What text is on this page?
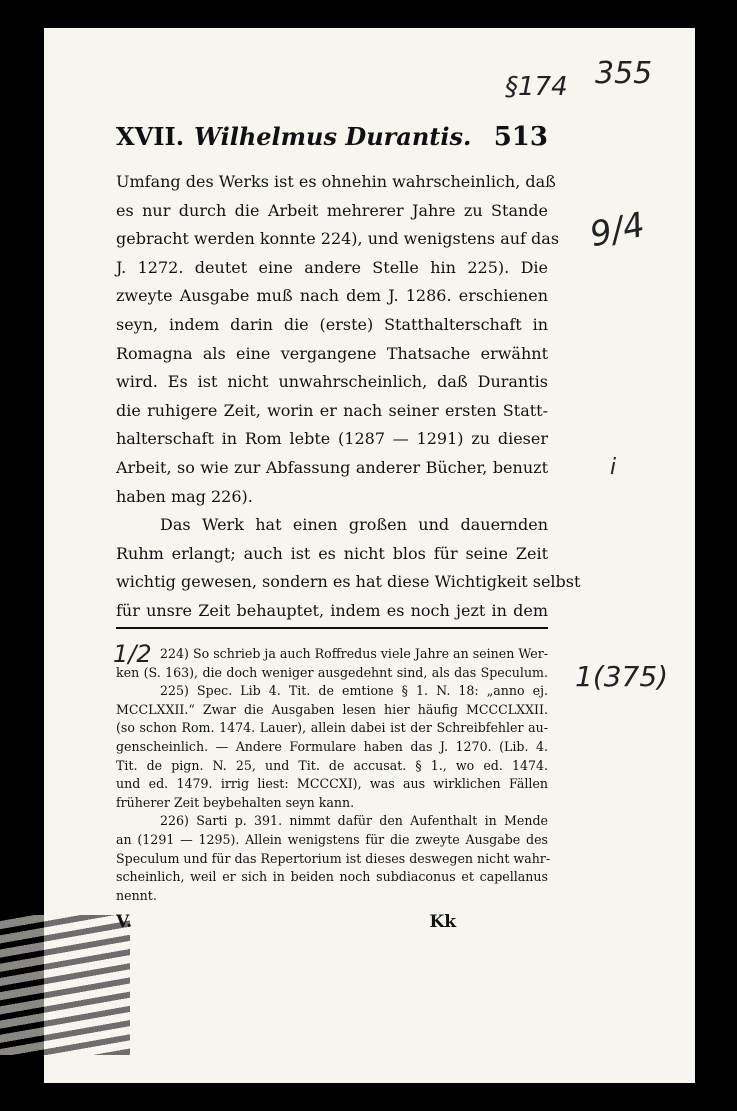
§174 355
9/4
i
1(375)
1/2
XVII. Wilhelmus Durantis. 513
Umfang des Werks ist es ohnehin wahrscheinlich, daß
es nur durch die Arbeit mehrerer Jahre zu Stande
gebracht werden konnte 224), und wenigstens auf das
J. 1272. deutet eine andere Stelle hin 225). Die
zweyte Ausgabe muß nach dem J. 1286. erschienen
seyn, indem darin die (erste) Statthalterschaft in
Romagna als eine vergangene Thatsache erwähnt
wird. Es ist nicht unwahrscheinlich, daß Durantis
die ruhigere Zeit, worin er nach seiner ersten Statt-
halterschaft in Rom lebte (1287 — 1291) zu dieser
Arbeit, so wie zur Abfassung anderer Bücher, benuzt
haben mag 226).
Das Werk hat einen großen und dauernden
Ruhm erlangt; auch ist es nicht blos für seine Zeit
wichtig gewesen, sondern es hat diese Wichtigkeit selbst
für unsre Zeit behauptet, indem es noch jezt in dem
224) So schrieb ja auch Roffredus viele Jahre an seinen Wer-
ken (S. 163), die doch weniger ausgedehnt sind, als das Speculum.
225) Spec. Lib 4. Tit. de emtione § 1. N. 18: „anno ej.
MCCLXXII.“ Zwar die Ausgaben lesen hier häufig MCCCLXXII.
(so schon Rom. 1474. Lauer), allein dabei ist der Schreibfehler au-
genscheinlich. — Andere Formulare haben das J. 1270. (Lib. 4.
Tit. de pign. N. 25, und Tit. de accusat. § 1., wo ed. 1474.
und ed. 1479. irrig liest: MCCCXI), was aus wirklichen Fällen
früherer Zeit beybehalten seyn kann.
226) Sarti p. 391. nimmt dafür den Aufenthalt in Mende
an (1291 — 1295). Allein wenigstens für die zweyte Ausgabe des
Speculum und für das Repertorium ist dieses deswegen nicht wahr-
scheinlich, weil er sich in beiden noch subdiaconus et capellanus
nennt.
V.	Kk
